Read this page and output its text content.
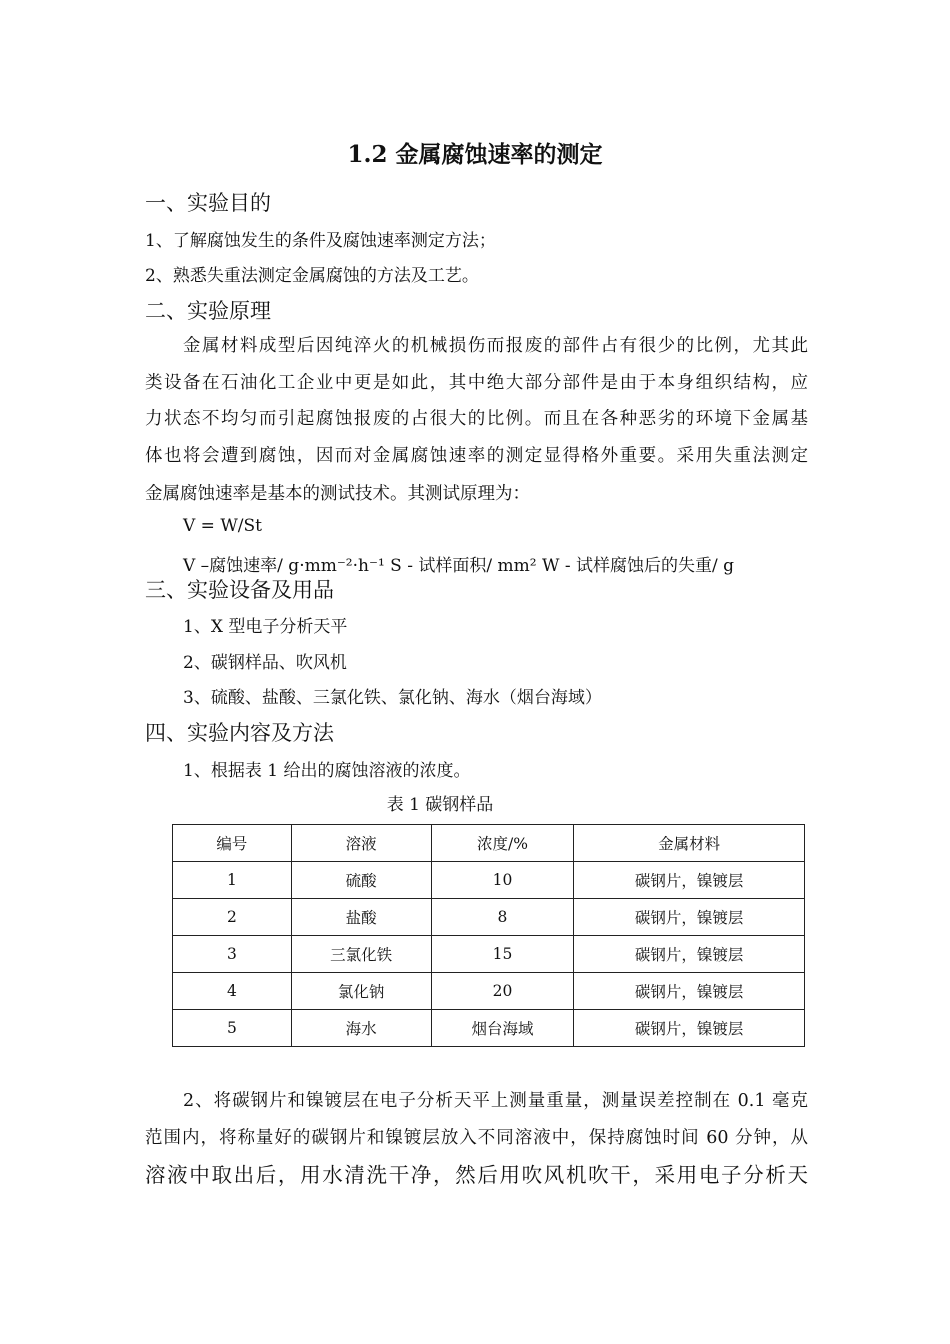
1.2 金属腐蚀速率的测定
一、实验目的
1、了解腐蚀发生的条件及腐蚀速率测定方法；
2、熟悉失重法测定金属腐蚀的方法及工艺。
二、实验原理
金属材料成型后因纯淬火的机械损伤而报废的部件占有很少的比例，尤其此
类设备在石油化工企业中更是如此，其中绝大部分部件是由于本身组织结构，应
力状态不均匀而引起腐蚀报废的占很大的比例。而且在各种恶劣的环境下金属基
体也将会遭到腐蚀，因而对金属腐蚀速率的测定显得格外重要。采用失重法测定
金属腐蚀速率是基本的测试技术。其测试原理为：
V = W/St
V –腐蚀速率/ g·mm⁻²·h⁻¹ S - 试样面积/ mm² W - 试样腐蚀后的失重/ g
三、实验设备及用品
1、X 型电子分析天平
2、碳钢样品、吹风机
3、硫酸、盐酸、三氯化铁、氯化钠、海水（烟台海域）
四、实验内容及方法
1、根据表 1 给出的腐蚀溶液的浓度。
表 1 碳钢样品
编号	溶液	浓度/%	金属材料
1	硫酸	10	碳钢片，镍镀层
2	盐酸	8	碳钢片，镍镀层
3	三氯化铁	15	碳钢片，镍镀层
4	氯化钠	20	碳钢片，镍镀层
5	海水	烟台海域	碳钢片，镍镀层
2、将碳钢片和镍镀层在电子分析天平上测量重量，测量误差控制在 0.1 毫克
范围内，将称量好的碳钢片和镍镀层放入不同溶液中，保持腐蚀时间 60 分钟，从
溶液中取出后，用水清洗干净，然后用吹风机吹干，采用电子分析天
